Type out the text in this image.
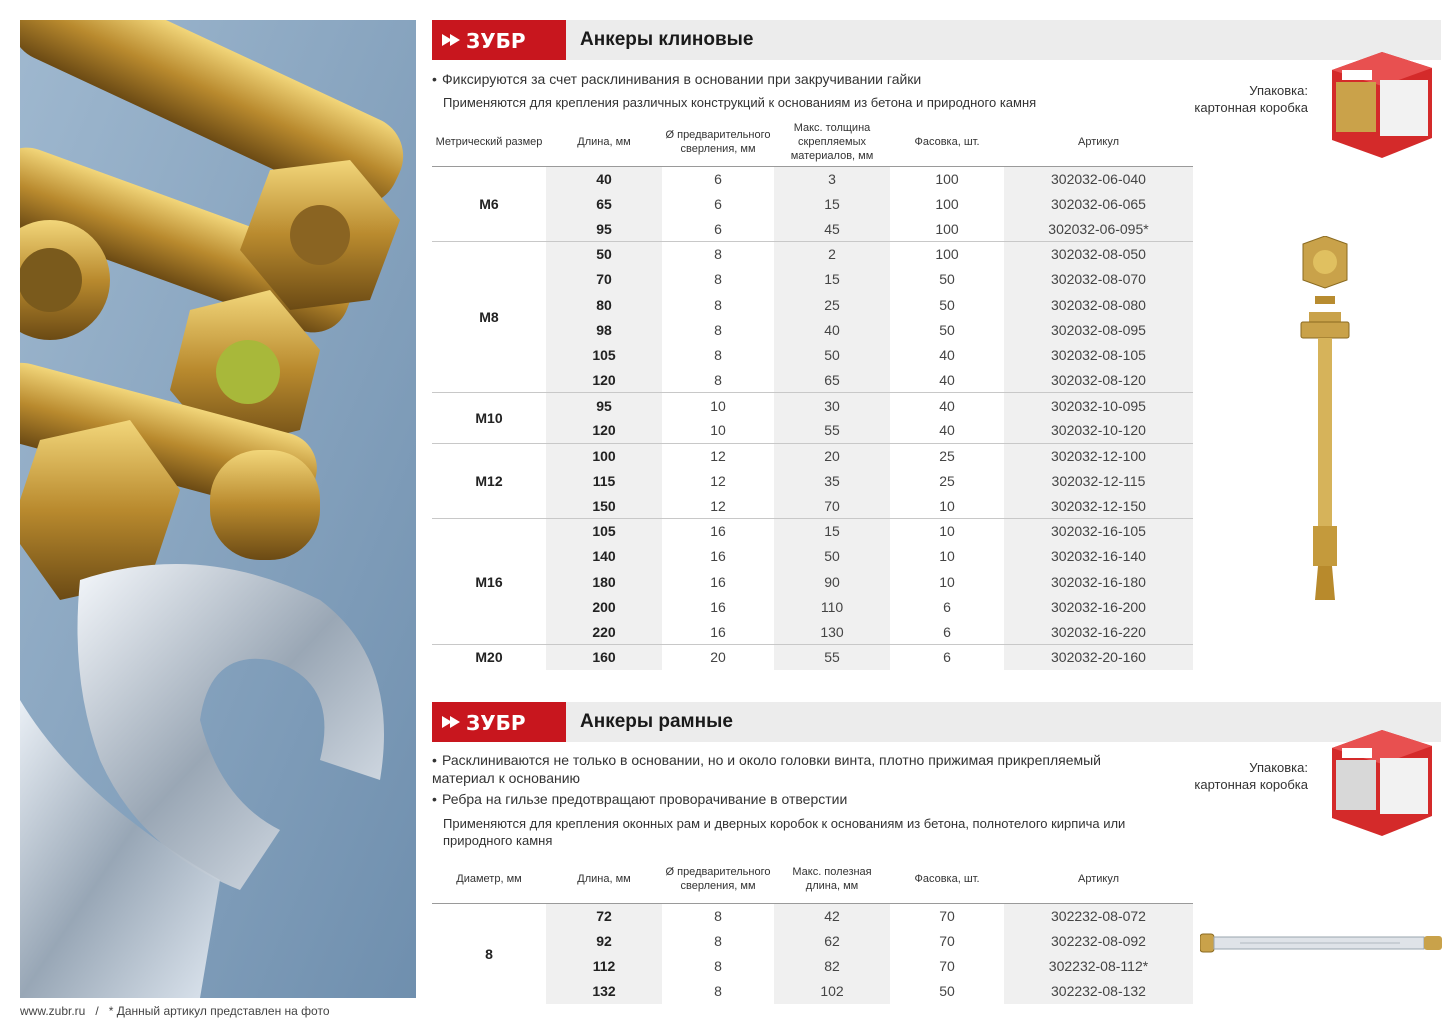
ЗУБР	Анкеры клиновые
• Фиксируются за счет расклинивания в основании при закручивании гайки
Применяются для крепления различных конструкций к основаниям из бетона и природного камня
Упаковка:
картонная коробка
Метрический размер	Длина, мм	Ø предварительного сверления, мм	Макс. толщина скрепляемых материалов, мм	Фасовка, шт.	Артикул
M6	40	6	3	100	302032-06-040
	65	6	15	100	302032-06-065
	95	6	45	100	302032-06-095*
M8	50	8	2	100	302032-08-050
	70	8	15	50	302032-08-070
	80	8	25	50	302032-08-080
	98	8	40	50	302032-08-095
	105	8	50	40	302032-08-105
	120	8	65	40	302032-08-120
M10	95	10	30	40	302032-10-095
	120	10	55	40	302032-10-120
M12	100	12	20	25	302032-12-100
	115	12	35	25	302032-12-115
	150	12	70	10	302032-12-150
M16	105	16	15	10	302032-16-105
	140	16	50	10	302032-16-140
	180	16	90	10	302032-16-180
	200	16	110	6	302032-16-200
	220	16	130	6	302032-16-220
M20	160	20	55	6	302032-20-160
ЗУБР	Анкеры рамные
• Расклиниваются не только в основании, но и около головки винта, плотно прижимая прикрепляемый материал к основанию
• Ребра на гильзе предотвращают проворачивание в отверстии
Применяются для крепления оконных рам и дверных коробок к основаниям из бетона, полнотелого кирпича или природного камня
Упаковка:
картонная коробка
Диаметр, мм	Длина, мм	Ø предварительного сверления, мм	Макс. полезная длина, мм	Фасовка, шт.	Артикул
8	72	8	42	70	302232-08-072
	92	8	62	70	302232-08-092
	112	8	82	70	302232-08-112*
	132	8	102	50	302232-08-132
www.zubr.ru / * Данный артикул представлен на фото
